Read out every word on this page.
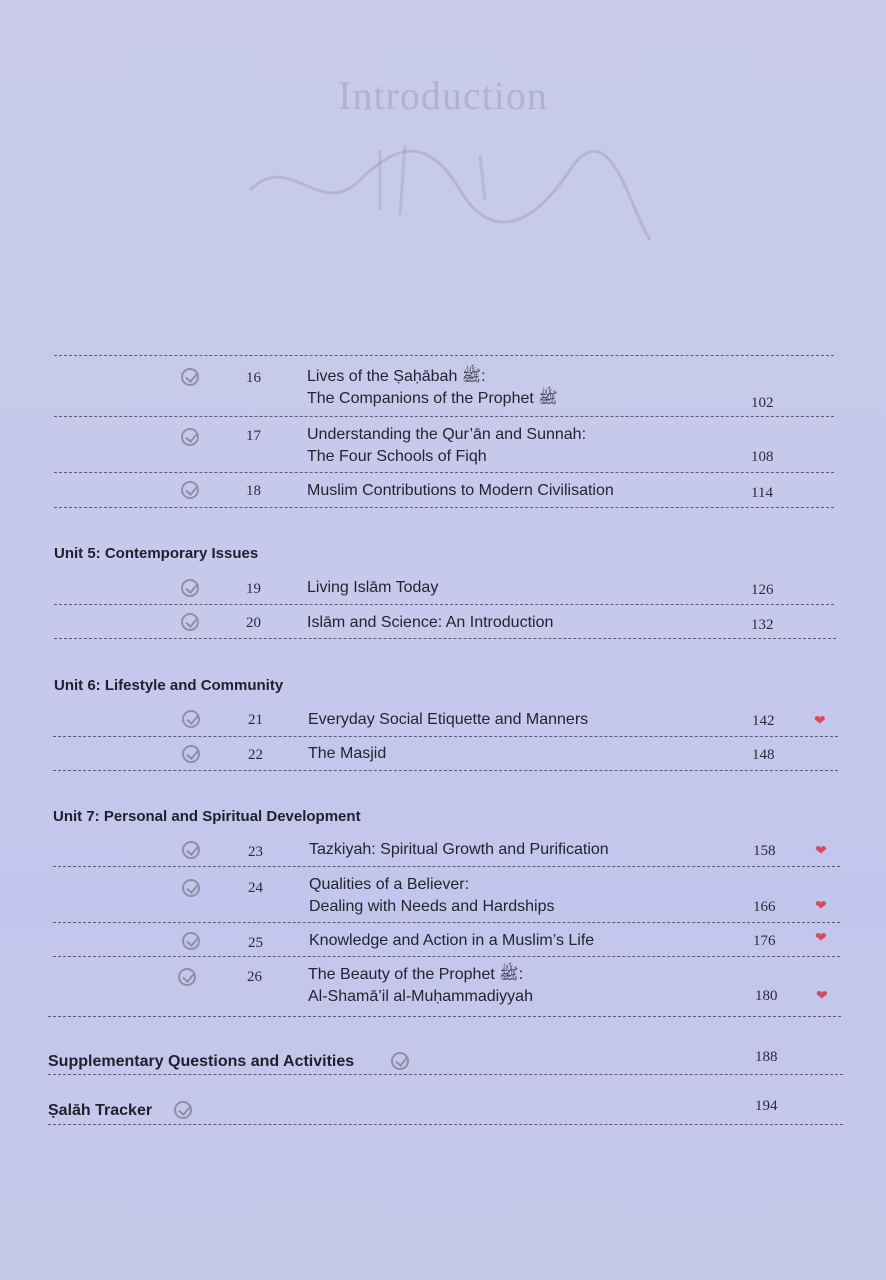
Introduction
16	Lives of the Ṣaḥābah ﷺ:
The Companions of the Prophet ﷺ	102
17	Understanding the Qur’ān and Sunnah:
The Four Schools of Fiqh	108
18	Muslim Contributions to Modern Civilisation	114
Unit 5: Contemporary Issues
19	Living Islām Today	126
20	Islām and Science: An Introduction	132
Unit 6: Lifestyle and Community
21	Everyday Social Etiquette and Manners	142	❤
22	The Masjid	148
Unit 7: Personal and Spiritual Development
23	Tazkiyah: Spiritual Growth and Purification	158	❤
24	Qualities of a Believer:
Dealing with Needs and Hardships	166	❤
25	Knowledge and Action in a Muslim’s Life	176	❤
26	The Beauty of the Prophet ﷺ:
Al-Shamā’il al-Muḥammadiyyah	180	❤
Supplementary Questions and Activities	188
Ṣalāh Tracker	194
